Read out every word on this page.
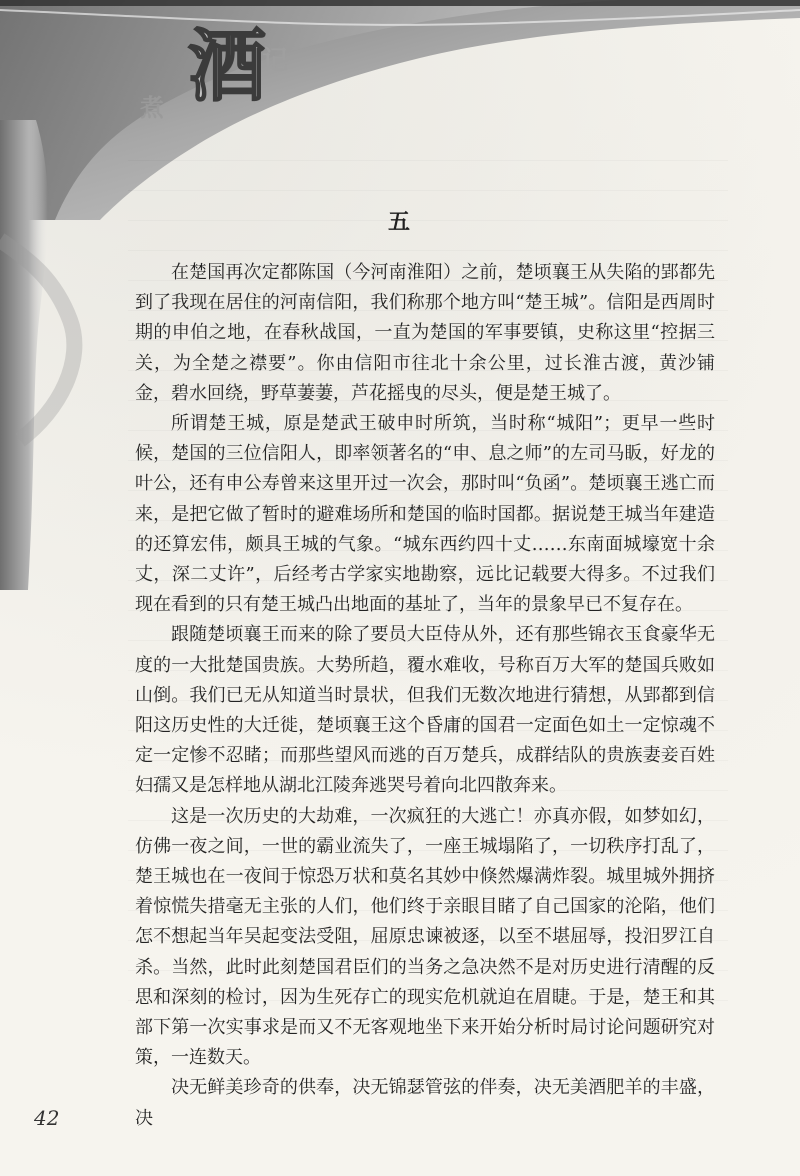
煮 酒
记
五

在楚国再次定都陈国（今河南淮阳）之前，楚顷襄王从失陷的郢都先到了我现在居住的河南信阳，我们称那个地方叫“楚王城”。信阳是西周时期的申伯之地，在春秋战国，一直为楚国的军事要镇，史称这里“控据三关，为全楚之襟要”。你由信阳市往北十余公里，过长淮古渡，黄沙铺金，碧水回绕，野草萋萋，芦花摇曳的尽头，便是楚王城了。

所谓楚王城，原是楚武王破申时所筑，当时称“城阳”；更早一些时候，楚国的三位信阳人，即率领著名的“申、息之师”的左司马眅，好龙的叶公，还有申公寿曾来这里开过一次会，那时叫“负函”。楚顷襄王逃亡而来，是把它做了暂时的避难场所和楚国的临时国都。据说楚王城当年建造的还算宏伟，颇具王城的气象。“城东西约四十丈……东南面城壕宽十余丈，深二丈许”，后经考古学家实地勘察，远比记载要大得多。不过我们现在看到的只有楚王城凸出地面的基址了，当年的景象早已不复存在。

跟随楚顷襄王而来的除了要员大臣侍从外，还有那些锦衣玉食豪华无度的一大批楚国贵族。大势所趋，覆水难收，号称百万大军的楚国兵败如山倒。我们已无从知道当时景状，但我们无数次地进行猜想，从郢都到信阳这历史性的大迁徙，楚顷襄王这个昏庸的国君一定面色如土一定惊魂不定一定惨不忍睹；而那些望风而逃的百万楚兵，成群结队的贵族妻妾百姓妇孺又是怎样地从湖北江陵奔逃哭号着向北四散奔来。

这是一次历史的大劫难，一次疯狂的大逃亡！亦真亦假，如梦如幻，仿佛一夜之间，一世的霸业流失了，一座王城塌陷了，一切秩序打乱了，楚王城也在一夜间于惊恐万状和莫名其妙中倏然爆满炸裂。城里城外拥挤着惊慌失措毫无主张的人们，他们终于亲眼目睹了自己国家的沦陷，他们怎不想起当年吴起变法受阻，屈原忠谏被逐，以至不堪屈辱，投汨罗江自杀。当然，此时此刻楚国君臣们的当务之急决然不是对历史进行清醒的反思和深刻的检讨，因为生死存亡的现实危机就迫在眉睫。于是，楚王和其部下第一次实事求是而又不无客观地坐下来开始分析时局讨论问题研究对策，一连数天。

决无鲜美珍奇的供奉，决无锦瑟管弦的伴奏，决无美酒肥羊的丰盛，决

42
